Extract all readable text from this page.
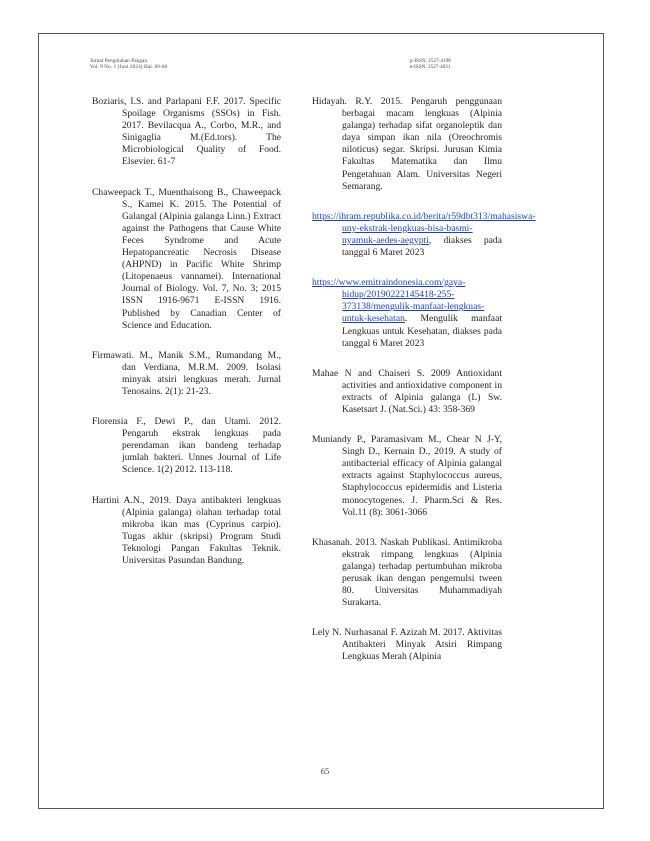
Jurnal Pengolahan Pangan
Vol. 9 No. 1 (Juni 2024) Hal. 60-68
p-ISSN: 2527-4198
e-ISSN: 2527-4031

Boziaris, I.S. and Parlapani F.F. 2017. Specific Spoilage Organisms (SSOs) in Fish. 2017. Bevilacqua A., Corbo, M.R., and Sinigaglia M.(Ed.tors). The Microbiological Quality of Food. Elsevier. 61-7

Chaweepack T., Muenthaisong B., Chaweepack S., Kamei K. 2015. The Potential of Galangal (Alpinia galanga Linn.) Extract against the Pathogens that Cause White Feces Syndrome and Acute Hepatopancreatic Necrosis Disease (AHPND) in Pacific White Shrimp (Litopenaeus vannamei). International Journal of Biology. Vol. 7, No. 3; 2015 ISSN 1916-9671 E-ISSN 1916. Published by Canadian Center of Science and Education.

Firmawati. M., Manik S.M., Rumandang M., dan Verdiana, M.R.M. 2009. Isolasi minyak atsiri lengkuas merah. Jurnal Tenosains. 2(1): 21-23.

Florensia F., Dewi P., dan Utami. 2012. Pengaruh ekstrak lengkuas pada perendaman ikan bandeng terhadap jumlah bakteri. Unnes Journal of Life Science. 1(2) 2012. 113-118.

Hartini A.N., 2019. Daya antibakteri lengkuas (Alpinia galanga) olahan terhadap total mikroba ikan mas (Cyprinus carpio). Tugas akhir (skripsi) Program Studi Teknologi Pangan Fakultas Teknik. Universitas Pasundan Bandung.

Hidayah. R.Y. 2015. Pengaruh penggunaan berbagai macam lengkuas (Alpinia galanga) terhadap sifat organoleptik dan daya simpan ikan nila (Oreochromis niloticus) segar. Skripsi. Jurusan Kimia Fakultas Matematika dan Ilmu Pengetahuan Alam. Universitas Negeri Semarang.

https://ihram.republika.co.id/berita/r59dbt313/mahasiswa-uny-ekstrak-lengkuas-bisa-basmi-nyamuk-aedes-aegypti, diakses pada tanggal 6 Maret 2023

https://www.emitraindonesia.com/gaya-hidup/20190222145418-255-373138/mengulik-manfaat-lengkuas-untuk-kesehatan. Mengulik manfaat Lengkuas untuk Kesehatan, diakses pada tanggal 6 Maret 2023

Mahae N and Chaiseri S. 2009 Antioxidant activities and antioxidative component in extracts of Alpinia galanga (L) Sw. Kasetsart J. (Nat.Sci.) 43: 358-369

Muniandy P., Paramasivam M., Chear N J-Y, Singh D., Kernain D., 2019. A study of antibacterial efficacy of Alpinia galangal extracts against Staphylococcus aureus, Staphylococcus epidermidis and Listeria monocytogenes. J. Pharm.Sci & Res. Vol.11 (8): 3061-3066

Khasanah. 2013. Naskah Publikasi. Antimikroba ekstrak rimpang lengkuas (Alpinia galanga) terhadap pertumbuhan mikroba perusak ikan dengan pengemulsi tween 80. Universitas Muhammadiyah Surakarta.

Lely N. Nurhasanal F. Azizah M. 2017. Aktivitas Antibakteri Minyak Atsiri Rimpang Lengkuas Merah (Alpinia

65
